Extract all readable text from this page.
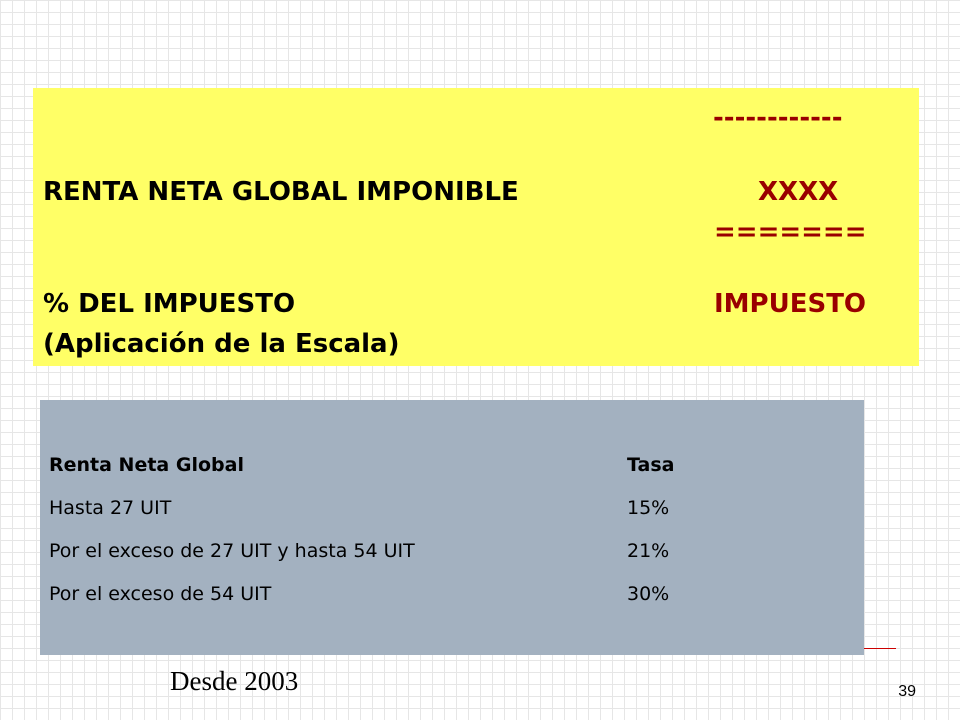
------------
RENTA NETA GLOBAL IMPONIBLE	XXXX
=======
% DEL IMPUESTO	IMPUESTO
(Aplicación de la Escala)
Renta Neta Global	Tasa
Hasta 27 UIT	15%
Por el exceso de 27 UIT y hasta 54 UIT	21%
Por el exceso de 54 UIT	30%
Desde 2003	39
